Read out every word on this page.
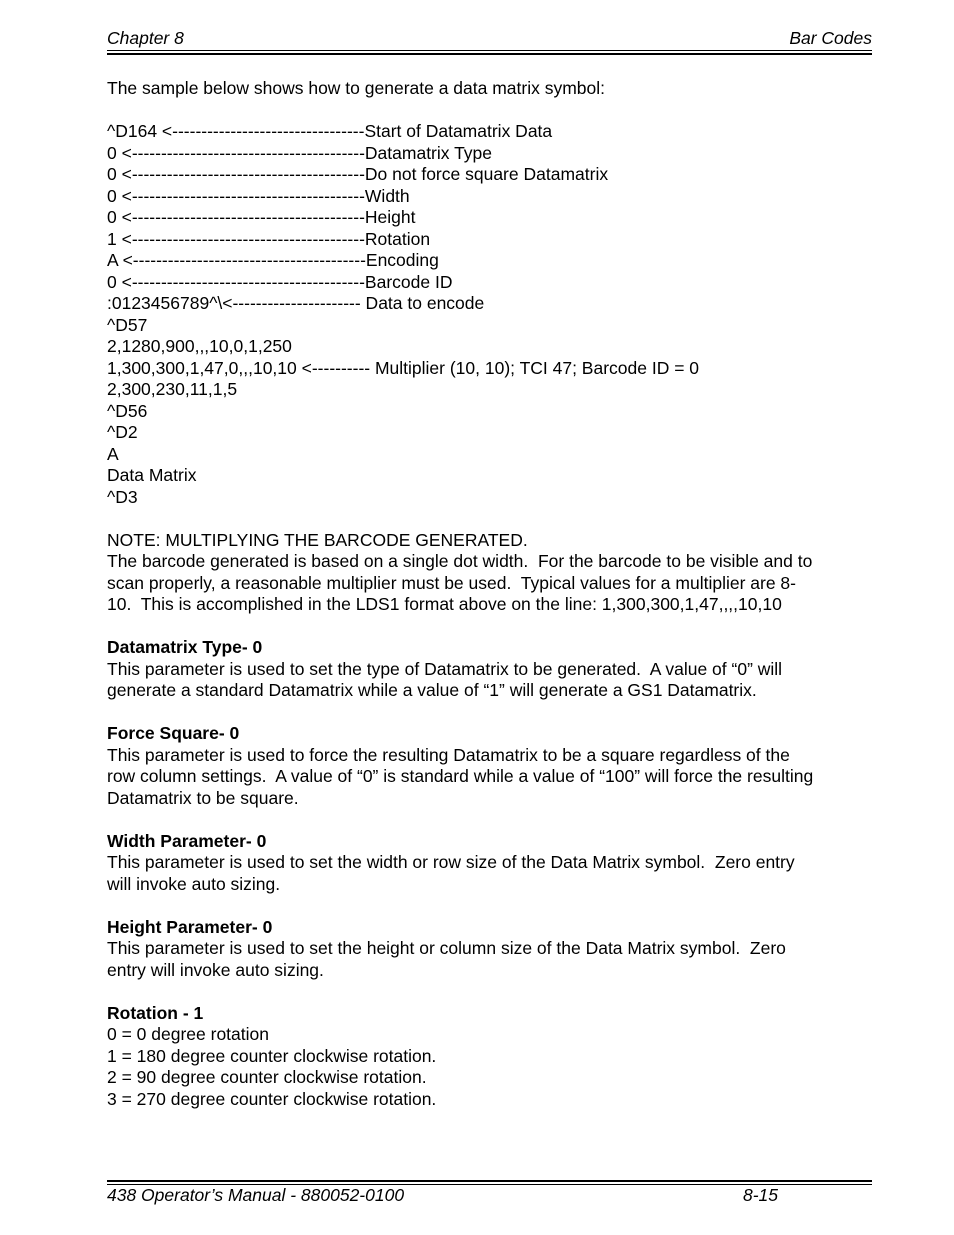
Chapter 8	Bar Codes

The sample below shows how to generate a data matrix symbol:

^D164 <---------------------------------Start of Datamatrix Data

0 <----------------------------------------Datamatrix Type

0 <----------------------------------------Do not force square Datamatrix

0 <----------------------------------------Width

0 <----------------------------------------Height

1 <----------------------------------------Rotation

A <----------------------------------------Encoding

0 <----------------------------------------Barcode ID

:0123456789^\<---------------------- Data to encode

^D57

2,1280,900,,,10,0,1,250

1,300,300,1,47,0,,,10,10 <---------- Multiplier (10, 10); TCI 47; Barcode ID = 0

2,300,230,11,1,5

^D56

^D2

A

Data Matrix

^D3

NOTE: MULTIPLYING THE BARCODE GENERATED.

The barcode generated is based on a single dot width.  For the barcode to be visible and to

scan properly, a reasonable multiplier must be used.  Typical values for a multiplier are 8-

10.  This is accomplished in the LDS1 format above on the line: 1,300,300,1,47,,,,10,10

Datamatrix Type- 0

This parameter is used to set the type of Datamatrix to be generated.  A value of “0” will

generate a standard Datamatrix while a value of “1” will generate a GS1 Datamatrix.

Force Square- 0

This parameter is used to force the resulting Datamatrix to be a square regardless of the

row column settings.  A value of “0” is standard while a value of “100” will force the resulting

Datamatrix to be square.

Width Parameter- 0

This parameter is used to set the width or row size of the Data Matrix symbol.  Zero entry

will invoke auto sizing.

Height Parameter- 0

This parameter is used to set the height or column size of the Data Matrix symbol.  Zero

entry will invoke auto sizing.

Rotation - 1

0 = 0 degree rotation

1 = 180 degree counter clockwise rotation.

2 = 90 degree counter clockwise rotation.

3 = 270 degree counter clockwise rotation.

438 Operator’s Manual - 880052-0100	8-15
